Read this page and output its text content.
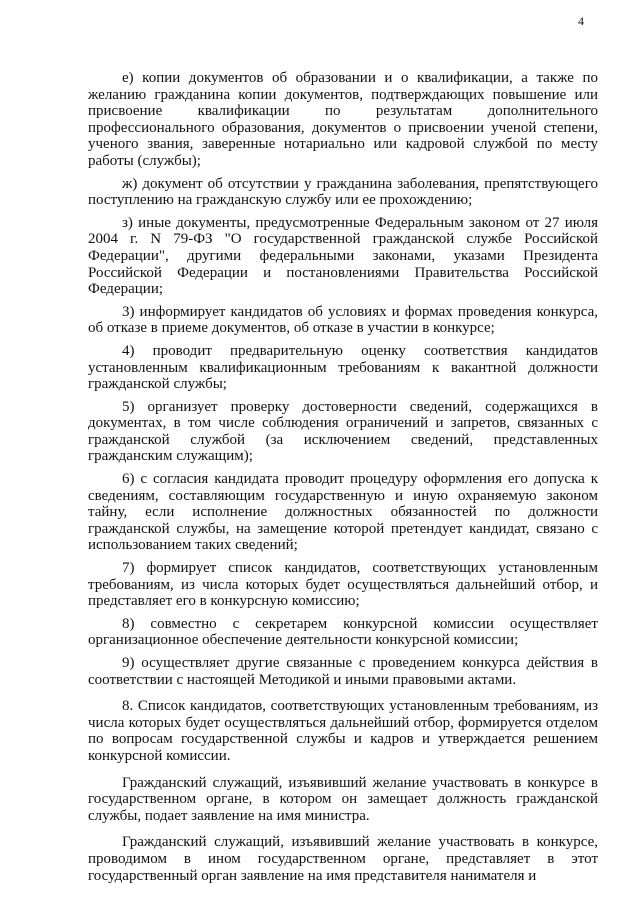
4

е) копии документов об образовании и о квалификации, а также по желанию гражданина копии документов, подтверждающих повышение или присвоение квалификации по результатам дополнительного профессионального образования, документов о присвоении ученой степени, ученого звания, заверенные нотариально или кадровой службой по месту работы (службы);

ж) документ об отсутствии у гражданина заболевания, препятствующего поступлению на гражданскую службу или ее прохождению;

з) иные документы, предусмотренные Федеральным законом от 27 июля 2004 г. N 79-ФЗ "О государственной гражданской службе Российской Федерации", другими федеральными законами, указами Президента Российской Федерации и постановлениями Правительства Российской Федерации;

3) информирует кандидатов об условиях и формах проведения конкурса, об отказе в приеме документов, об отказе в участии в конкурсе;

4) проводит предварительную оценку соответствия кандидатов установленным квалификационным требованиям к вакантной должности гражданской службы;

5) организует проверку достоверности сведений, содержащихся в документах, в том числе соблюдения ограничений и запретов, связанных с гражданской службой (за исключением сведений, представленных гражданским служащим);

6) с согласия кандидата проводит процедуру оформления его допуска к сведениям, составляющим государственную и иную охраняемую законом тайну, если исполнение должностных обязанностей по должности гражданской службы, на замещение которой претендует кандидат, связано с использованием таких сведений;

7) формирует список кандидатов, соответствующих установленным требованиям, из числа которых будет осуществляться дальнейший отбор, и представляет его в конкурсную комиссию;

8) совместно с секретарем конкурсной комиссии осуществляет организационное обеспечение деятельности конкурсной комиссии;

9) осуществляет другие связанные с проведением конкурса действия в соответствии с настоящей Методикой и иными правовыми актами.

8. Список кандидатов, соответствующих установленным требованиям, из числа которых будет осуществляться дальнейший отбор, формируется отделом по вопросам государственной службы и кадров и утверждается решением конкурсной комиссии.

Гражданский служащий, изъявивший желание участвовать в конкурсе в государственном органе, в котором он замещает должность гражданской службы, подает заявление на имя министра.

Гражданский служащий, изъявивший желание участвовать в конкурсе, проводимом в ином государственном органе, представляет в этот государственный орган заявление на имя представителя нанимателя и
